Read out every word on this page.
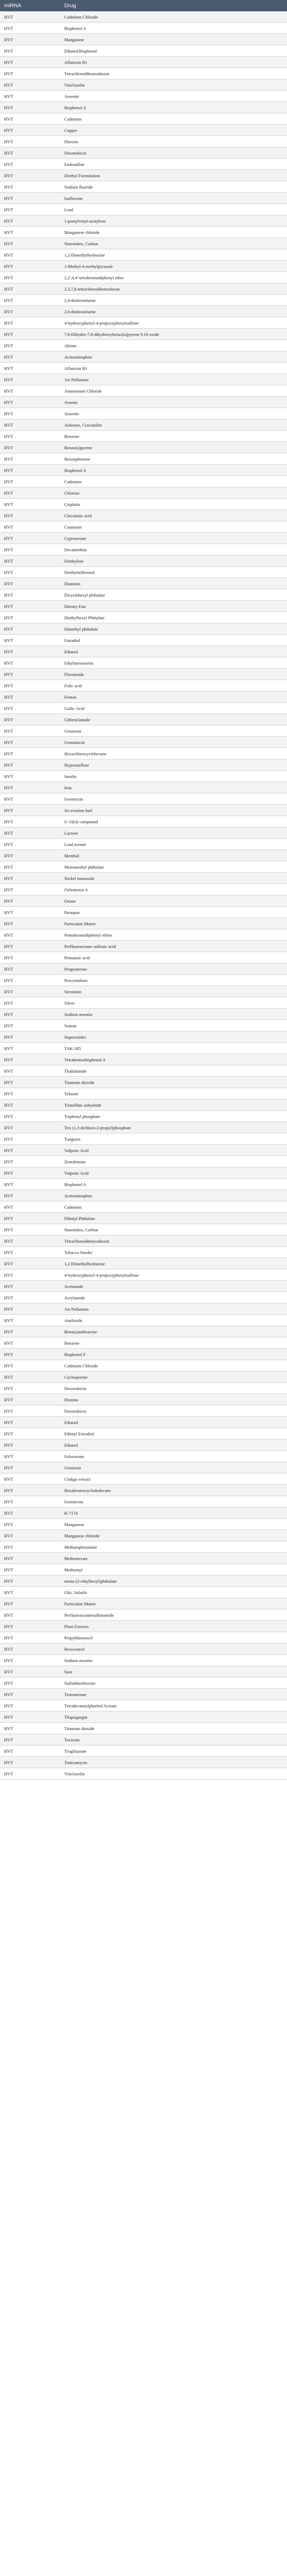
miRNA	Drug
HVT	Cadmium Chloride
HVT	Bisphenol A
HVT	Manganese
HVT	Ethanol/Bisphenol
HVT	Aflatoxin B1
HVT	Tetrachlorodibenzodioxin
HVT	Vinclozolin
HVT	Arsenite
HVT	Bisphenol A
HVT	Cadmium
HVT	Copper
HVT	Dioxins
HVT	Doxorubicin
HVT	Endosulfan
HVT	Diethyl Formulation
HVT	Sodium fluoride
HVT	Isoflavone
HVT	Lead
HVT	1-pentylvinyl-acetylene
HVT	Manganese chloride
HVT	Nanotubes, Carbon
HVT	1,2-Dimethylhydrazine
HVT	1-Methyl-4-methylpyrazole
HVT	2,2',4,4'-tetrabromodiphenyl ether
HVT	2,3,7,8-tetrachlorodibenzofuran
HVT	2,4-dinitrotoluene
HVT	2,6-dinitrotoluene
HVT	4-hydroxyphenyl-4-propoxyphenylsulfone
HVT	7,8-Dihydro-7,8-dihydroxybenzo[a]pyrene 9,10-oxide
HVT	Abrine
HVT	Acetaminophen
HVT	Aflatoxin B1
HVT	Air Pollutants
HVT	Ammonium Chloride
HVT	Arsenic
HVT	Arsenite
HVT	Asbestos, Crocidolite
HVT	Benzene
HVT	Benzo(a)pyrene
HVT	Benzophenone
HVT	Bisphenol A
HVT	Cadmium
HVT	Chlorine
HVT	Cisplatin
HVT	Clavulanic acid
HVT	Coumarin
HVT	Cyproterone
HVT	Decamethrin
HVT	Diethylene
HVT	Diethylstilbestrol
HVT	Diazinon
HVT	Dicyclohexyl phthalate
HVT	Dietary Fats
HVT	Diethylhexyl Phthalate
HVT	Dimethyl phthalate
HVT	Estradiol
HVT	Ethanol
HVT	Ethylnitrosourea
HVT	Flavonoids
HVT	Folic acid
HVT	Fenton
HVT	Gallic Acid
HVT	Glibenclamide
HVT	Genistein
HVT	Gentamicin
HVT	Hexachlorocyclohexane
HVT	Hypromellose
HVT	Insulin
HVT	Iron
HVT	Ivermectin
HVT	Jet aviation fuel
HVT	U-10(4) compound
HVT	Lactose
HVT	Lead acetate
HVT	Menthol
HVT	Monomethyl phthalate
HVT	Nickel monoxide
HVT	Ochratoxin A
HVT	Ozone
HVT	Paraquat
HVT	Particulate Matter
HVT	Pentabromodiphenyl ethers
HVT	Perfluorooctane sulfonic acid
HVT	Pentanoic acid
HVT	Progesterone
HVT	Procymidone
HVT	Serotonin
HVT	Silver
HVT	Sodium arsenite
HVT	Soman
HVT	Superoxides
HVT	TAK-385
HVT	Tetrabromobisphenol A
HVT	Thalidomide
HVT	Titanium dioxide
HVT	Toluene
HVT	Trimellitic anhydride
HVT	Triphenyl phosphate
HVT	Tris (1,3-dichloro-2-propyl)phosphate
HVT	Tungsten
HVT	Valproic Acid
HVT	Zearalenone
HVT	Valproic Acid
HVT	Bisphenol A
HVT	Acetaminophen
HVT	Cadmium
HVT	Dibutyl Phthalate
HVT	Nanotubes, Carbon
HVT	Tetrachlorodibenzodioxin
HVT	Tobacco Smoke
HVT	1,2-Dimethylhydrazine
HVT	4-hydroxyphenyl-4-propoxyphenylsulfone
HVT	Acetamide
HVT	Acrylamide
HVT	Air Pollutants
HVT	Amiloride
HVT	Benz(a)anthracene
HVT	Benzene
HVT	Bisphenol F
HVT	Cadmium Chloride
HVT	Cyclosporine
HVT	Doxorubicin
HVT	Dioxins
HVT	Doxorubicin
HVT	Ethanol
HVT	Ethinyl Estradiol
HVT	Ethanol
HVT	Fulvestrant
HVT	Genistein
HVT	Ginkgo extract
HVT	Hexabromocyclododecane
HVT	Ivermectin
HVT	K-7174
HVT	Manganese
HVT	Manganese chloride
HVT	Methamphetamine
HVT	Methotrexate
HVT	Methomyl
HVT	mono-(2-ethylhexyl)phthalate
HVT	Oils, Volatile
HVT	Particulate Matter
HVT	Perfluorooctanesulfonamide
HVT	Plant Extracts
HVT	Propylthiouracil
HVT	Resveratrol
HVT	Sodium arsenite
HVT	Soot
HVT	Sulfadimethoxine
HVT	Testosterone
HVT	Tetradecanoylphorbol Acetate
HVT	Thapsigargin
HVT	Titanium dioxide
HVT	Toxicant
HVT	Troglitazone
HVT	Tunicamycin
HVT	Vinclozolin
